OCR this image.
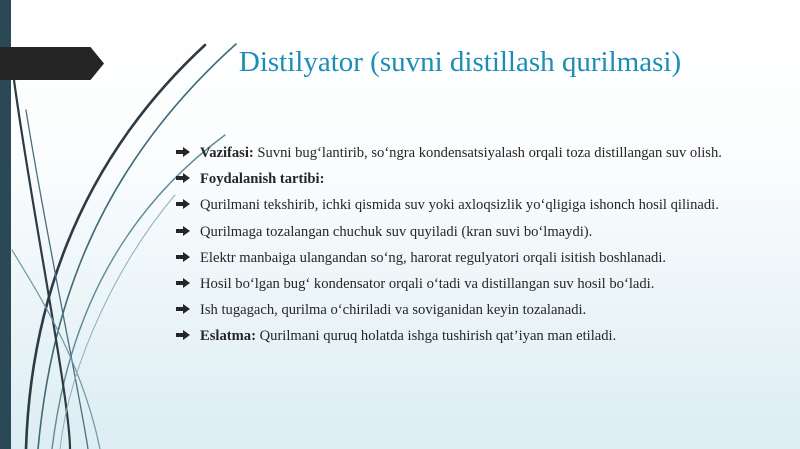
Distilyator (suvni distillash qurilmasi)
Vazifasi: Suvni bug‘lantirib, so‘ngra kondensatsiyalash orqali toza distillangan suv olish.
Foydalanish tartibi:
Qurilmani tekshirib, ichki qismida suv yoki axloqsizlik yo‘qligiga ishonch hosil qilinadi.
Qurilmaga tozalangan chuchuk suv quyiladi (kran suvi bo‘lmaydi).
Elektr manbaiga ulangandan so‘ng, harorat regulyatori orqali isitish boshlanadi.
Hosil bo‘lgan bug‘ kondensator orqali o‘tadi va distillangan suv hosil bo‘ladi.
Ish tugagach, qurilma o‘chiriladi va soviganidan keyin tozalanadi.
Eslatma: Qurilmani quruq holatda ishga tushirish qat’iyan man etiladi.
